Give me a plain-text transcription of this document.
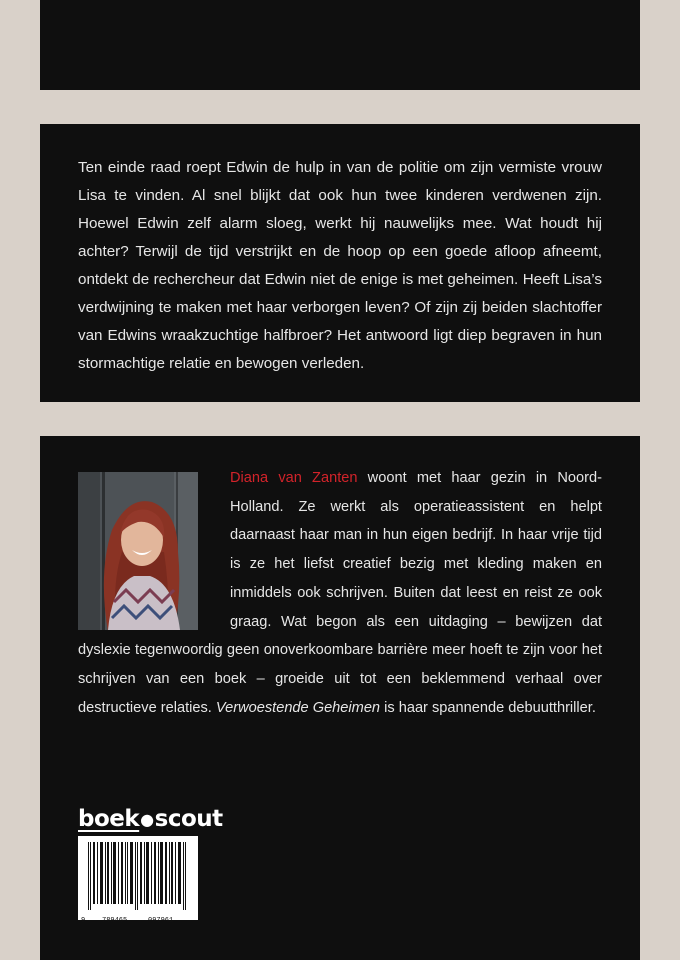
Ten einde raad roept Edwin de hulp in van de politie om zijn vermiste vrouw Lisa te vinden. Al snel blijkt dat ook hun twee kinderen verdwenen zijn. Hoewel Edwin zelf alarm sloeg, werkt hij nauwelijks mee. Wat houdt hij achter? Terwijl de tijd verstrijkt en de hoop op een goede afloop afneemt, ontdekt de rechercheur dat Edwin niet de enige is met geheimen. Heeft Lisa’s verdwijning te maken met haar verborgen leven? Of zijn zij beiden slachtoffer van Edwins wraakzuchtige halfbroer? Het antwoord ligt diep begraven in hun stormachtige relatie en bewogen verleden.

Diana van Zanten woont met haar gezin in Noord-Holland. Ze werkt als operatieassistent en helpt daarnaast haar man in hun eigen bedrijf. In haar vrije tijd is ze het liefst creatief bezig met kleding maken en inmiddels ook schrijven. Buiten dat leest en reist ze ook graag. Wat begon als een uitdaging – bewijzen dat dyslexie tegenwoordig geen onoverkoombare barrière meer hoeft te zijn voor het schrijven van een boek – groeide uit tot een beklemmend verhaal over destructieve relaties. Verwoestende Geheimen is haar spannende debuutthriller.
boek●scout
9 789465	097961
